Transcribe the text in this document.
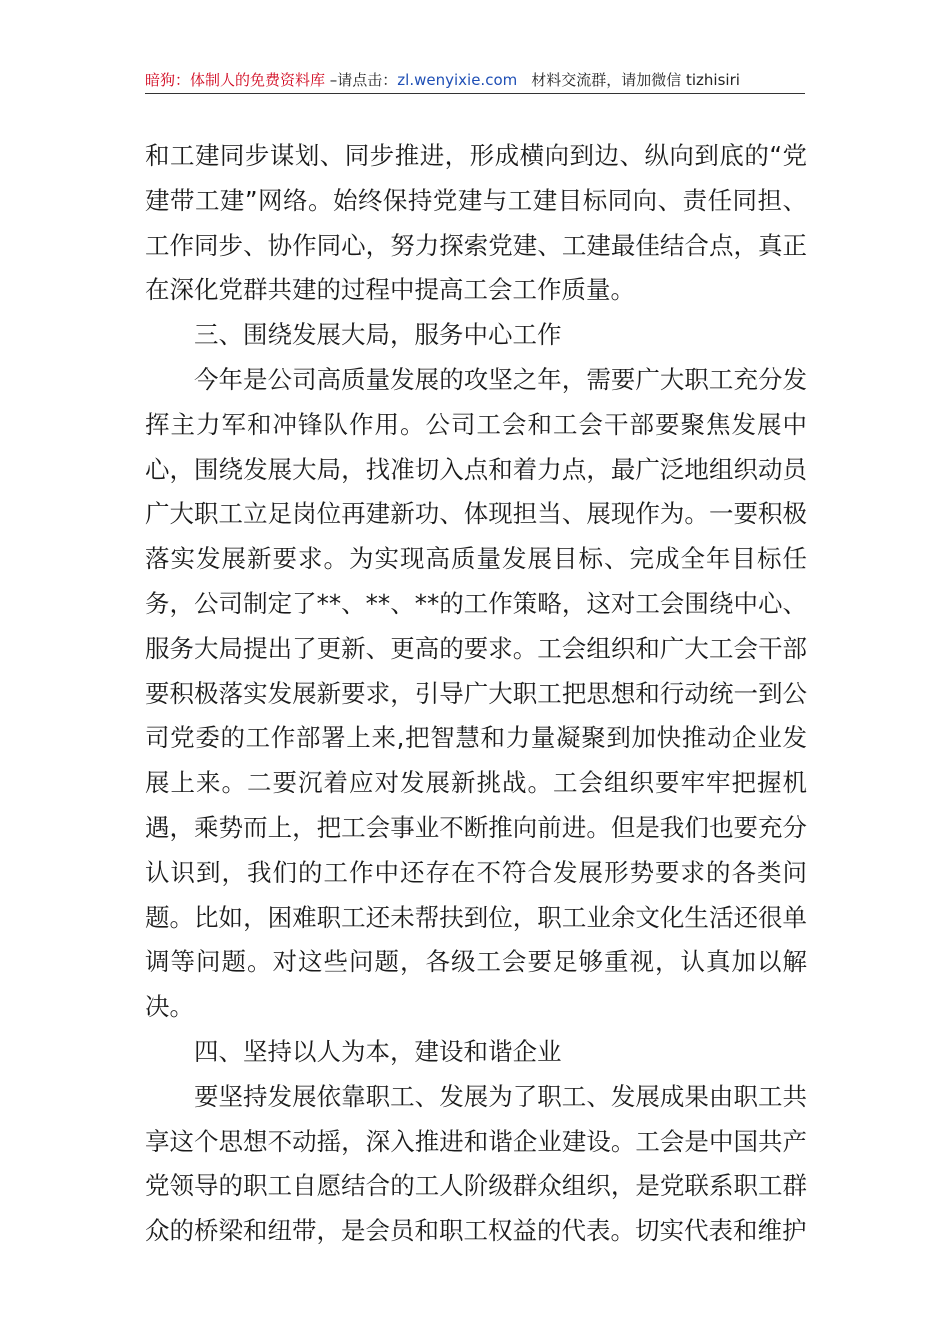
暗狗：体制人的免费资料库 –请点击：zl.wenyixie.com 材料交流群，请加微信 tizhisiri

和工建同步谋划、同步推进，形成横向到边、纵向到底的“党建带工建”网络。始终保持党建与工建目标同向、责任同担、工作同步、协作同心，努力探索党建、工建最佳结合点，真正在深化党群共建的过程中提高工会工作质量。

三、围绕发展大局，服务中心工作

今年是公司高质量发展的攻坚之年，需要广大职工充分发挥主力军和冲锋队作用。公司工会和工会干部要聚焦发展中心，围绕发展大局，找准切入点和着力点，最广泛地组织动员广大职工立足岗位再建新功、体现担当、展现作为。一要积极落实发展新要求。为实现高质量发展目标、完成全年目标任务，公司制定了**、**、**的工作策略，这对工会围绕中心、服务大局提出了更新、更高的要求。工会组织和广大工会干部要积极落实发展新要求，引导广大职工把思想和行动统一到公司党委的工作部署上来,把智慧和力量凝聚到加快推动企业发展上来。二要沉着应对发展新挑战。工会组织要牢牢把握机遇，乘势而上，把工会事业不断推向前进。但是我们也要充分认识到，我们的工作中还存在不符合发展形势要求的各类问题。比如，困难职工还未帮扶到位，职工业余文化生活还很单调等问题。对这些问题，各级工会要足够重视，认真加以解决。

四、坚持以人为本，建设和谐企业

要坚持发展依靠职工、发展为了职工、发展成果由职工共享这个思想不动摇，深入推进和谐企业建设。工会是中国共产党领导的职工自愿结合的工人阶级群众组织，是党联系职工群众的桥梁和纽带，是会员和职工权益的代表。切实代表和维护
